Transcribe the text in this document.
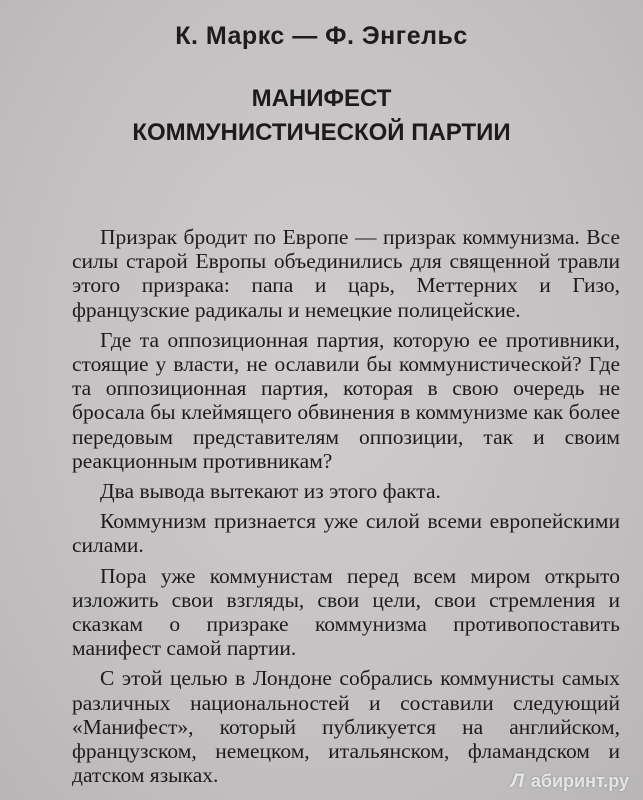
К. Маркс — Ф. Энгельс
МАНИФЕСТ
КОММУНИСТИЧЕСКОЙ ПАРТИИ

Призрак бродит по Европе — призрак коммунизма. Все силы старой Европы объединились для священной травли этого призрака: папа и царь, Меттерних и Гизо, французские радикалы и немецкие полицейские.

Где та оппозиционная партия, которую ее противники, стоящие у власти, не ославили бы коммунистической? Где та оппозиционная партия, которая в свою очередь не бросала бы клеймящего обвинения в коммунизме как более передовым представителям оппозиции, так и своим реакционным противникам?

Два вывода вытекают из этого факта.

Коммунизм признается уже силой всеми европейскими силами.

Пора уже коммунистам перед всем миром открыто изложить свои взгляды, свои цели, свои стремления и сказкам о призраке коммунизма противопоставить манифест самой партии.

С этой целью в Лондоне собрались коммунисты самых различных национальностей и составили следующий «Манифест», который публикуется на английском, французском, немецком, итальянском, фламандском и датском языках.	Л абиринт.ру
